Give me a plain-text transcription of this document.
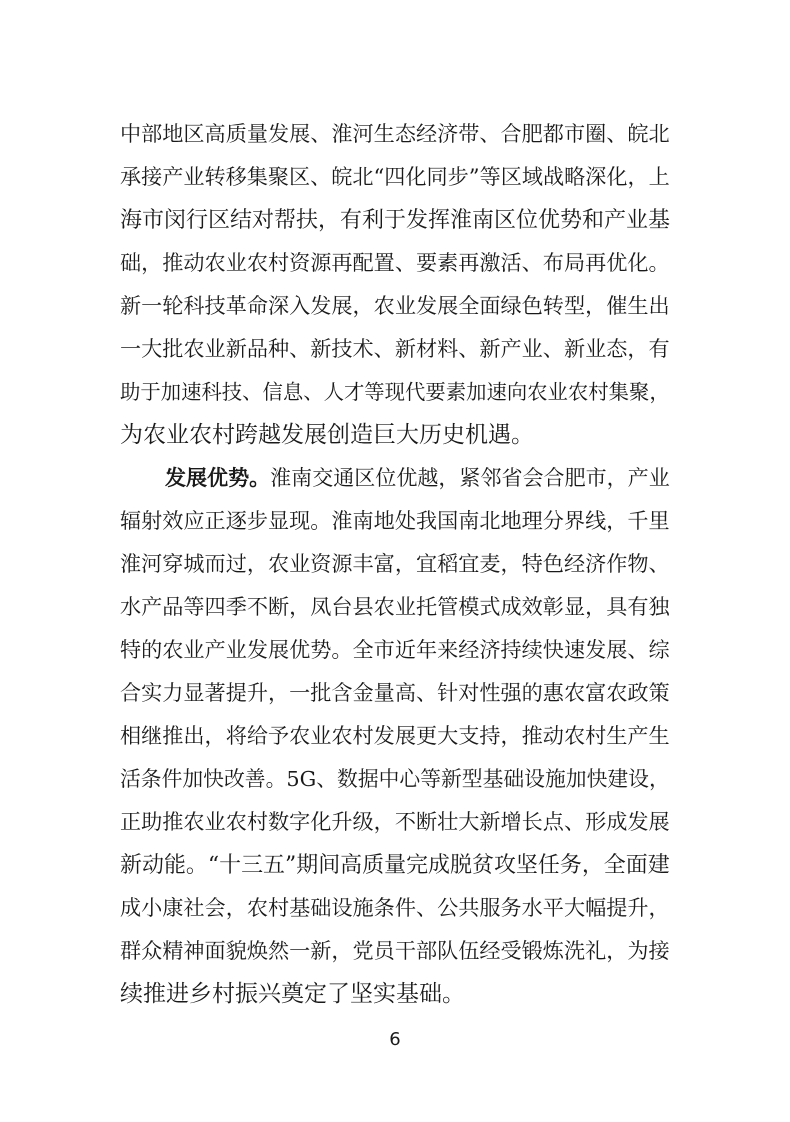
中部地区高质量发展、淮河生态经济带、合肥都市圈、皖北
承接产业转移集聚区、皖北“四化同步”等区域战略深化，上
海市闵行区结对帮扶，有利于发挥淮南区位优势和产业基
础，推动农业农村资源再配置、要素再激活、布局再优化。
新一轮科技革命深入发展，农业发展全面绿色转型，催生出
一大批农业新品种、新技术、新材料、新产业、新业态，有
助于加速科技、信息、人才等现代要素加速向农业农村集聚，
为农业农村跨越发展创造巨大历史机遇。
发展优势。淮南交通区位优越，紧邻省会合肥市，产业
辐射效应正逐步显现。淮南地处我国南北地理分界线，千里
淮河穿城而过，农业资源丰富，宜稻宜麦，特色经济作物、
水产品等四季不断，凤台县农业托管模式成效彰显，具有独
特的农业产业发展优势。全市近年来经济持续快速发展、综
合实力显著提升，一批含金量高、针对性强的惠农富农政策
相继推出，将给予农业农村发展更大支持，推动农村生产生
活条件加快改善。5G、数据中心等新型基础设施加快建设，
正助推农业农村数字化升级，不断壮大新增长点、形成发展
新动能。“十三五”期间高质量完成脱贫攻坚任务，全面建
成小康社会，农村基础设施条件、公共服务水平大幅提升，
群众精神面貌焕然一新，党员干部队伍经受锻炼洗礼，为接
续推进乡村振兴奠定了坚实基础。
6
